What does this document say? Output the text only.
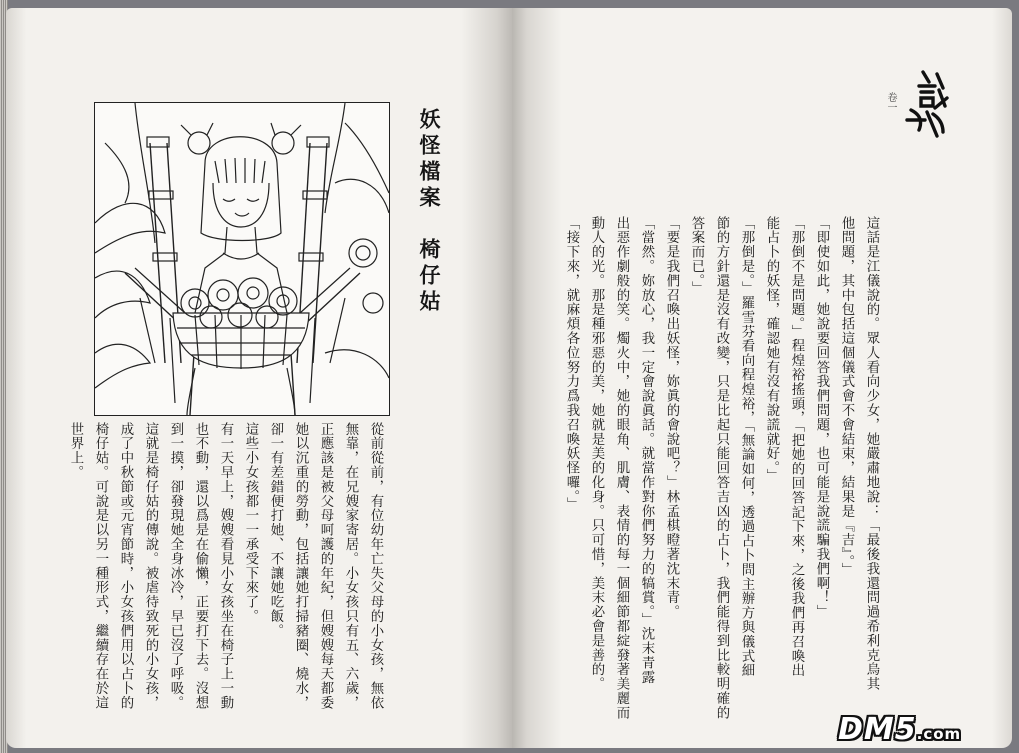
妖怪檔案　椅仔姑
從前從前，有位幼年亡失父母的小女孩，無依
無靠，在兄嫂家寄居。小女孩只有五、六歲，
正應該是被父母呵護的年紀，但嫂嫂每天都委
她以沉重的勞動，包括讓她打掃豬圈、燒水，
卻一有差錯便打她、不讓她吃飯。
這些小女孩都一一承受下來了。
有一天早上，嫂嫂看見小女孩坐在椅子上一動
也不動，還以爲是在偷懶，正要打下去。沒想
到一摸，卻發現她全身冰冷，早已沒了呼吸。
這就是椅仔姑的傳說。被虐待致死的小女孩，
成了中秋節或元宵節時，小女孩們用以占卜的
椅仔姑。可說是以另一種形式，繼續存在於這
世界上。
卷一
這話是江儀說的。眾人看向少女，她嚴肅地說：「最後我還問過希利克烏其
他問題，其中包括這個儀式會不會結束，結果是『吉』。」
「即使如此，她說要回答我們問題，也可能是說謊騙我們啊！」
「那倒不是問題。」程煌裕搖頭，「把她的回答記下來，之後我們再召喚出
能占卜的妖怪，確認她有沒有說謊就好。」
「那倒是。」羅雪芬看向程煌裕，「無論如何，透過占卜問主辦方與儀式細
節的方針還是沒有改變，只是比起只能回答吉凶的占卜，我們能得到比較明確的
答案而已。」
「要是我們召喚出妖怪，妳眞的會說吧？」林孟棋瞪著沈末青。
「當然。妳放心，我一定會說眞話。就當作對你們努力的犒賞。」沈末青露
出惡作劇般的笑。燭火中，她的眼角、肌膚、表情的每一個細節都綻發著美麗而
動人的光。那是種邪惡的美，她就是美的化身。只可惜，美末必會是善的。
「接下來，就麻煩各位努力爲我召喚妖怪囉。」
DM5.com
